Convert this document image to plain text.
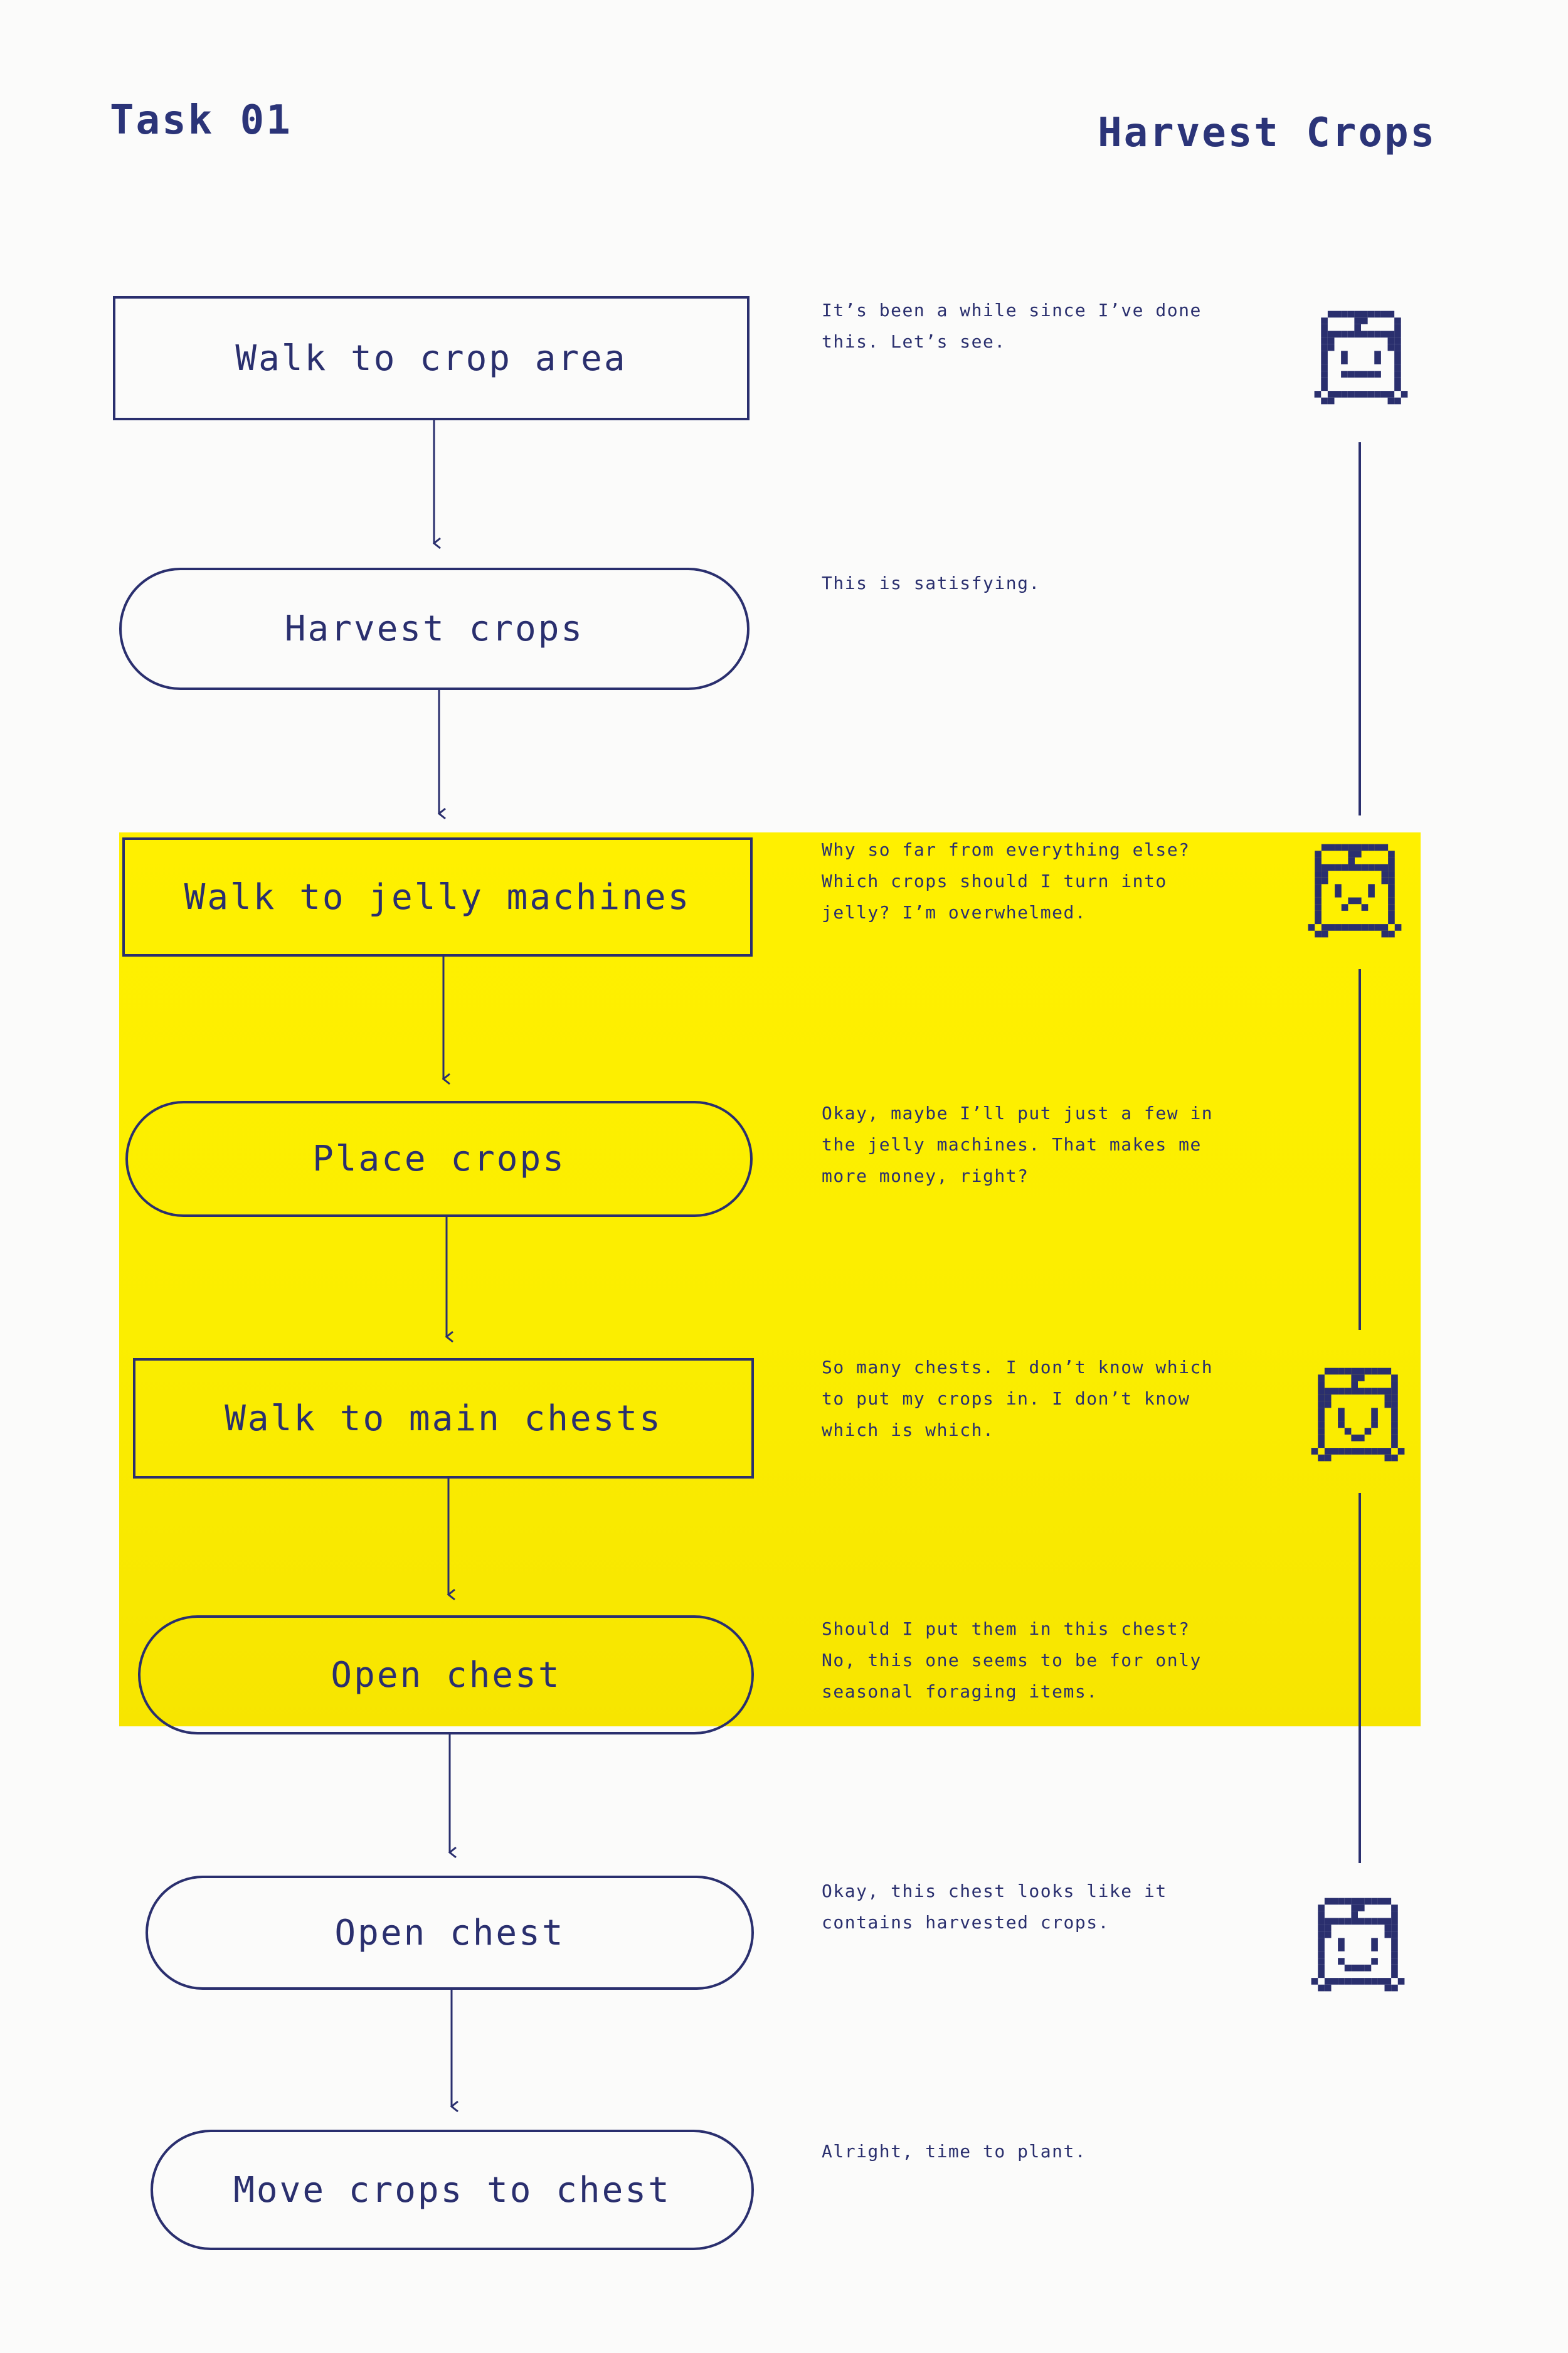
Task 01	Harvest Crops
Walk to crop area
Harvest crops
Walk to jelly machines
Place crops
Walk to main chests
Open chest
Open chest
Move crops to chest
It’s been a while since I’ve done this. Let’s see.
This is satisfying.
Why so far from everything else? Which crops should I turn into jelly? I’m overwhelmed.
Okay, maybe I’ll put just a few in the jelly machines. That makes me more money, right?
So many chests. I don’t know which to put my crops in. I don’t know which is which.
Should I put them in this chest? No, this one seems to be for only seasonal foraging items.
Okay, this chest looks like it contains harvested crops.
Alright, time to plant.
